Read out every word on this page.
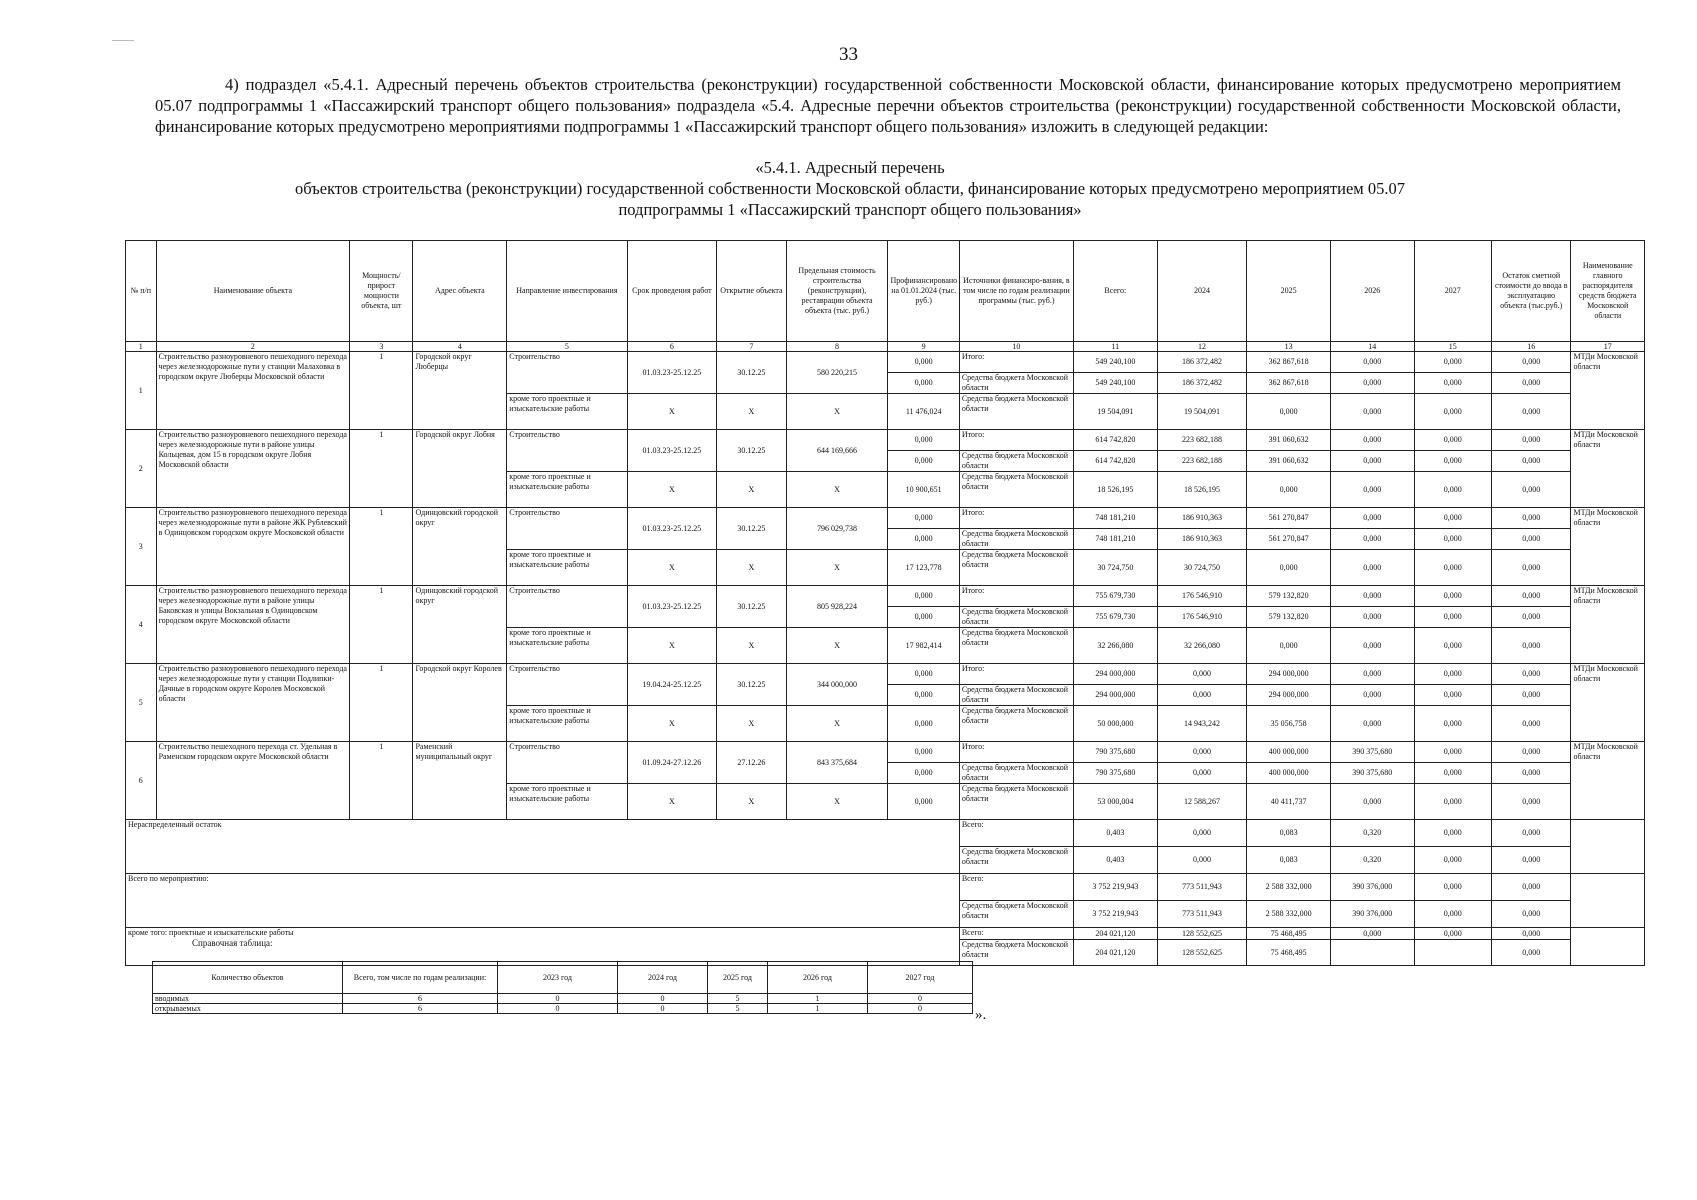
33
4) подраздел «5.4.1. Адресный перечень объектов строительства (реконструкции) государственной собственности Московской области, финансирование которых предусмотрено мероприятием 05.07 подпрограммы 1 «Пассажирский транспорт общего пользования» подраздела «5.4. Адресные перечни объектов строительства (реконструкции) государственной собственности Московской области, финансирование которых предусмотрено мероприятиями подпрограммы 1 «Пассажирский транспорт общего пользования» изложить в следующей редакции:
«5.4.1. Адресный перечень
объектов строительства (реконструкции) государственной собственности Московской области, финансирование которых предусмотрено мероприятием 05.07
подпрограммы 1 «Пассажирский транспорт общего пользования»
№ п/п	Наименование объекта	Мощность/ прирост мощности объекта, шт	Адрес объекта	Направление инвестирования	Срок проведения работ	Открытие объекта	Предельная стоимость строительства (реконструкции), реставрации объекта объекта (тыс. руб.)	Профинансировано на 01.01.2024 (тыс. руб.)	Источники финансиро-вания, в том числе по годам реализации программы (тыс. руб.)	Всего:	2024	2025	2026	2027	Остаток сметной стоимости до ввода в эксплуатацию объекта (тыс.руб.)	Наименование главного распорядителя средств бюджета Московской области
1	2	3	4	5	6	7	8	9	10	11	12	13	14	15	16	17
1	Строительство разноуровневого пешеходного перехода через железнодорожные пути у станции Малаховка в городском округе Люберцы Московской области	1	Городской округ Люберцы	Строительство	01.03.23-25.12.25	30.12.25	580 220,215	0,000	Итого:	549 240,100	186 372,482	362 867,618	0,000	0,000	0,000	МТДи Московской области
								0,000	Средства бюджета Московской области	549 240,100	186 372,482	362 867,618	0,000	0,000	0,000	
				кроме того проектные и изыскательские работы	X	X	X	11 476,024	Средства бюджета Московской области	19 504,091	19 504,091	0,000	0,000	0,000	0,000	
2	Строительство разноуровневого пешеходного перехода через железнодорожные пути в районе улицы Кольцевая, дом 15 в городском округе Лобня Московской области	1	Городской округ Лобня	Строительство	01.03.23-25.12.25	30.12.25	644 169,666	0,000	Итого:	614 742,820	223 682,188	391 060,632	0,000	0,000	0,000	МТДи Московской области
								0,000	Средства бюджета Московской области	614 742,820	223 682,188	391 060,632	0,000	0,000	0,000	
				кроме того проектные и изыскательские работы	X	X	X	10 900,651	Средства бюджета Московской области	18 526,195	18 526,195	0,000	0,000	0,000	0,000	
3	Строительство разноуровневого пешеходного перехода через железнодорожные пути в районе ЖК Рублевский в Одинцовском городском округе Московской области	1	Одинцовский городской округ	Строительство	01.03.23-25.12.25	30.12.25	796 029,738	0,000	Итого:	748 181,210	186 910,363	561 270,847	0,000	0,000	0,000	МТДи Московской области
								0,000	Средства бюджета Московской области	748 181,210	186 910,363	561 270,847	0,000	0,000	0,000	
				кроме того проектные и изыскательские работы	X	X	X	17 123,778	Средства бюджета Московской области	30 724,750	30 724,750	0,000	0,000	0,000	0,000	
4	Строительство разноуровневого пешеходного перехода через железнодорожные пути в районе улицы Баковская и улицы Вокзальная в Одинцовском городском округе Московской области	1	Одинцовский городской округ	Строительство	01.03.23-25.12.25	30.12.25	805 928,224	0,000	Итого:	755 679,730	176 546,910	579 132,820	0,000	0,000	0,000	МТДи Московской области
								0,000	Средства бюджета Московской области	755 679,730	176 546,910	579 132,820	0,000	0,000	0,000	
				кроме того проектные и изыскательские работы	X	X	X	17 982,414	Средства бюджета Московской области	32 266,080	32 266,080	0,000	0,000	0,000	0,000	
5	Строительство разноуровневого пешеходного перехода через железнодорожные пути у станции Подлипки-Дачные в городском округе Королев Московской области	1	Городской округ Королев	Строительство	19.04.24-25.12.25	30.12.25	344 000,000	0,000	Итого:	294 000,000	0,000	294 000,000	0,000	0,000	0,000	МТДи Московской области
								0,000	Средства бюджета Московской области	294 000,000	0,000	294 000,000	0,000	0,000	0,000	
				кроме того проектные и изыскательские работы	X	X	X	0,000	Средства бюджета Московской области	50 000,000	14 943,242	35 056,758	0,000	0,000	0,000	
6	Строительство пешеходного перехода ст. Удельная в Раменском городском округе Московской области	1	Раменский муниципальный округ	Строительство	01.09.24-27.12.26	27.12.26	843 375,684	0,000	Итого:	790 375,680	0,000	400 000,000	390 375,680	0,000	0,000	МТДи Московской области
								0,000	Средства бюджета Московской области	790 375,680	0,000	400 000,000	390 375,680	0,000	0,000	
				кроме того проектные и изыскательские работы	X	X	X	0,000	Средства бюджета Московской области	53 000,004	12 588,267	40 411,737	0,000	0,000	0,000	
Нераспределенный остаток									Всего:	0,403	0,000	0,083	0,320	0,000	0,000	
									Средства бюджета Московской области	0,403	0,000	0,083	0,320	0,000	0,000	
Всего по мероприятию:									Всего:	3 752 219,943	773 511,943	2 588 332,000	390 376,000	0,000	0,000	
									Средства бюджета Московской области	3 752 219,943	773 511,943	2 588 332,000	390 376,000	0,000	0,000	
кроме того: проектные и изыскательские работы									Всего:	204 021,120	128 552,625	75 468,495	0,000	0,000	0,000	
									Средства бюджета Московской области	204 021,120	128 552,625	75 468,495			0,000	
Справочная таблица:
Количество объектов	Всего, том числе по годам реализации:	2023 год	2024 год	2025 год	2026 год	2027 год
вводимых	6	0	0	5	1	0
открываемых	6	0	0	5	1	0	».
